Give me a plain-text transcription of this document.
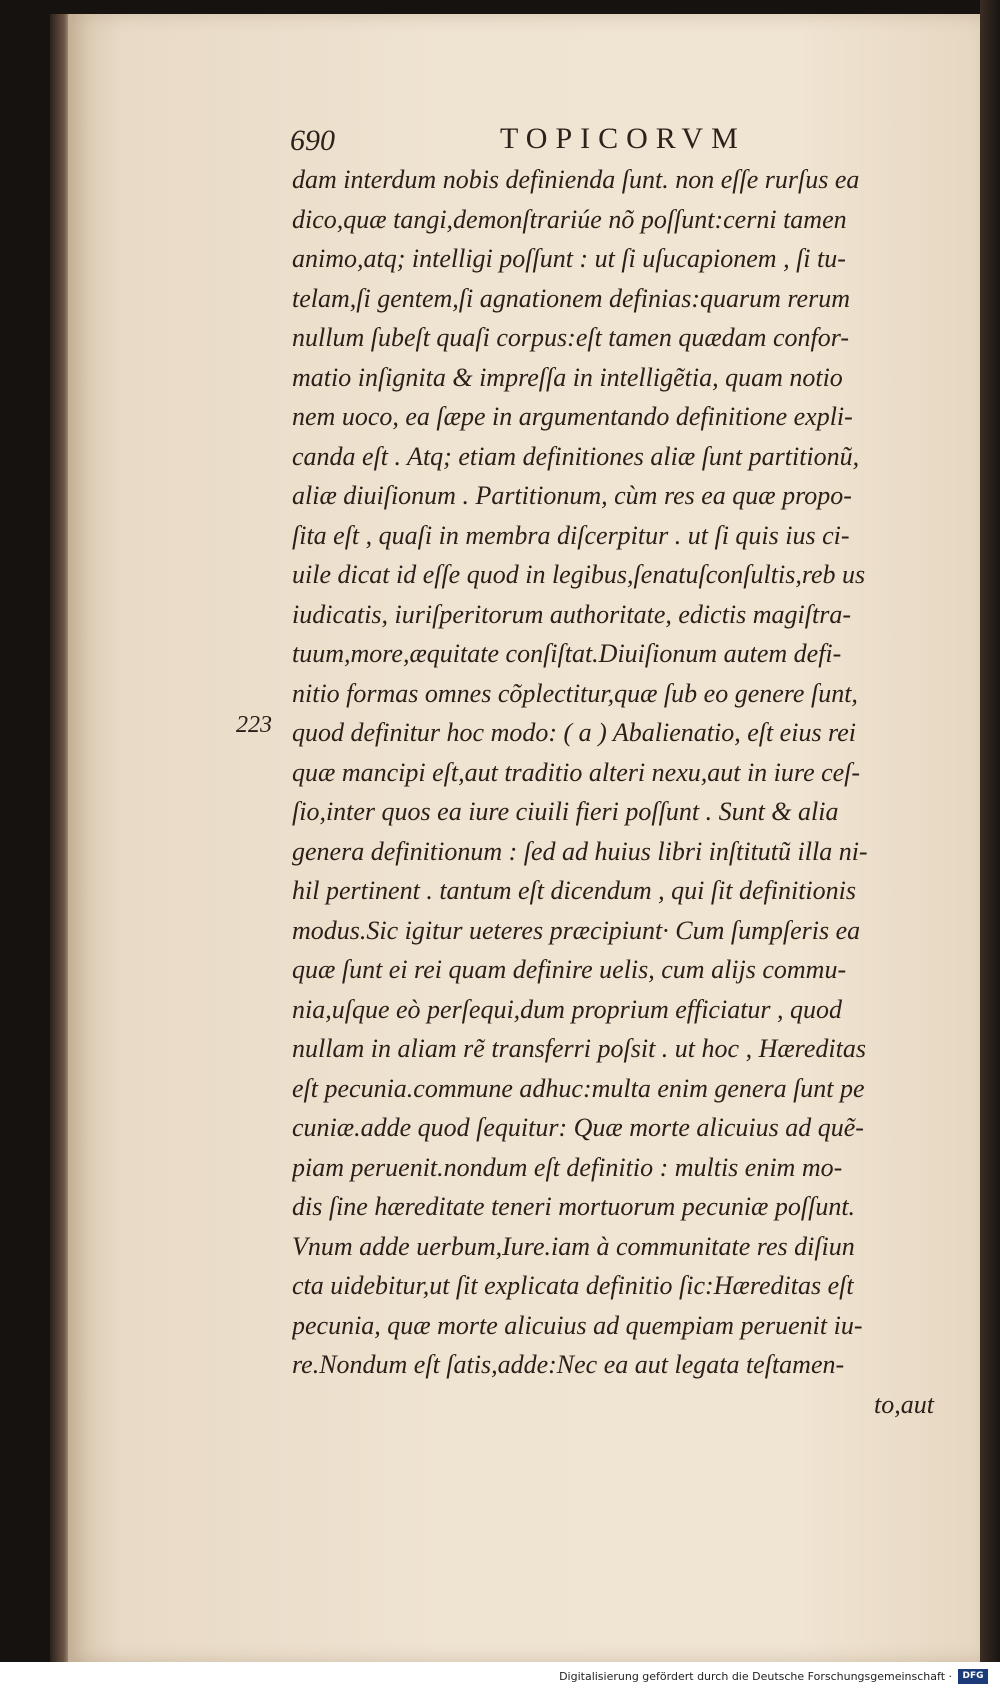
690	TOPICORVM
223
dam interdum nobis definienda ſunt. non eſſe rurſus ea
dico,quæ tangi,demonſtrariúe nõ poſſunt:cerni tamen
animo,atq; intelligi poſſunt : ut ſi uſucapionem , ſi tu-
telam,ſi gentem,ſi agnationem definias:quarum rerum
nullum ſubeſt quaſi corpus:eſt tamen quædam confor-
matio inſignita & impreſſa in intelligẽtia, quam notio
nem uoco, ea ſæpe in argumentando definitione expli-
canda eſt . Atq; etiam definitiones aliæ ſunt partitionũ,
aliæ diuiſionum . Partitionum, cùm res ea quæ propo-
ſita eſt , quaſi in membra diſcerpitur . ut ſi quis ius ci-
uile dicat id eſſe quod in legibus,ſenatuſconſultis,reb us
iudicatis, iuriſperitorum authoritate, edictis magiſtra-
tuum,more,æquitate conſiſtat.Diuiſionum autem defi-
nitio formas omnes cõplectitur,quæ ſub eo genere ſunt,
quod definitur hoc modo: ( a ) Abalienatio, eſt eius rei
quæ mancipi eſt,aut traditio alteri nexu,aut in iure ceſ-
ſio,inter quos ea iure ciuili fieri poſſunt . Sunt & alia
genera definitionum : ſed ad huius libri inſtitutũ illa ni-
hil pertinent . tantum eſt dicendum , qui ſit definitionis
modus.Sic igitur ueteres præcipiunt· Cum ſumpſeris ea
quæ ſunt ei rei quam definire uelis, cum alijs commu-
nia,uſque eò perſequi,dum proprium efficiatur , quod
nullam in aliam rẽ transferri poſsit . ut hoc , Hæreditas
eſt pecunia.commune adhuc:multa enim genera ſunt pe
cuniæ.adde quod ſequitur: Quæ morte alicuius ad quẽ-
piam peruenit.nondum eſt definitio : multis enim mo-
dis ſine hæreditate teneri mortuorum pecuniæ poſſunt.
Vnum adde uerbum,Iure.iam à communitate res diſiun
cta uidebitur,ut ſit explicata definitio ſic:Hæreditas eſt
pecunia, quæ morte alicuius ad quempiam peruenit iu-
re.Nondum eſt ſatis,adde:Nec ea aut legata teſtamen-
to,aut
Digitalisierung gefördert durch die Deutsche Forschungsgemeinschaft ·	DFG
